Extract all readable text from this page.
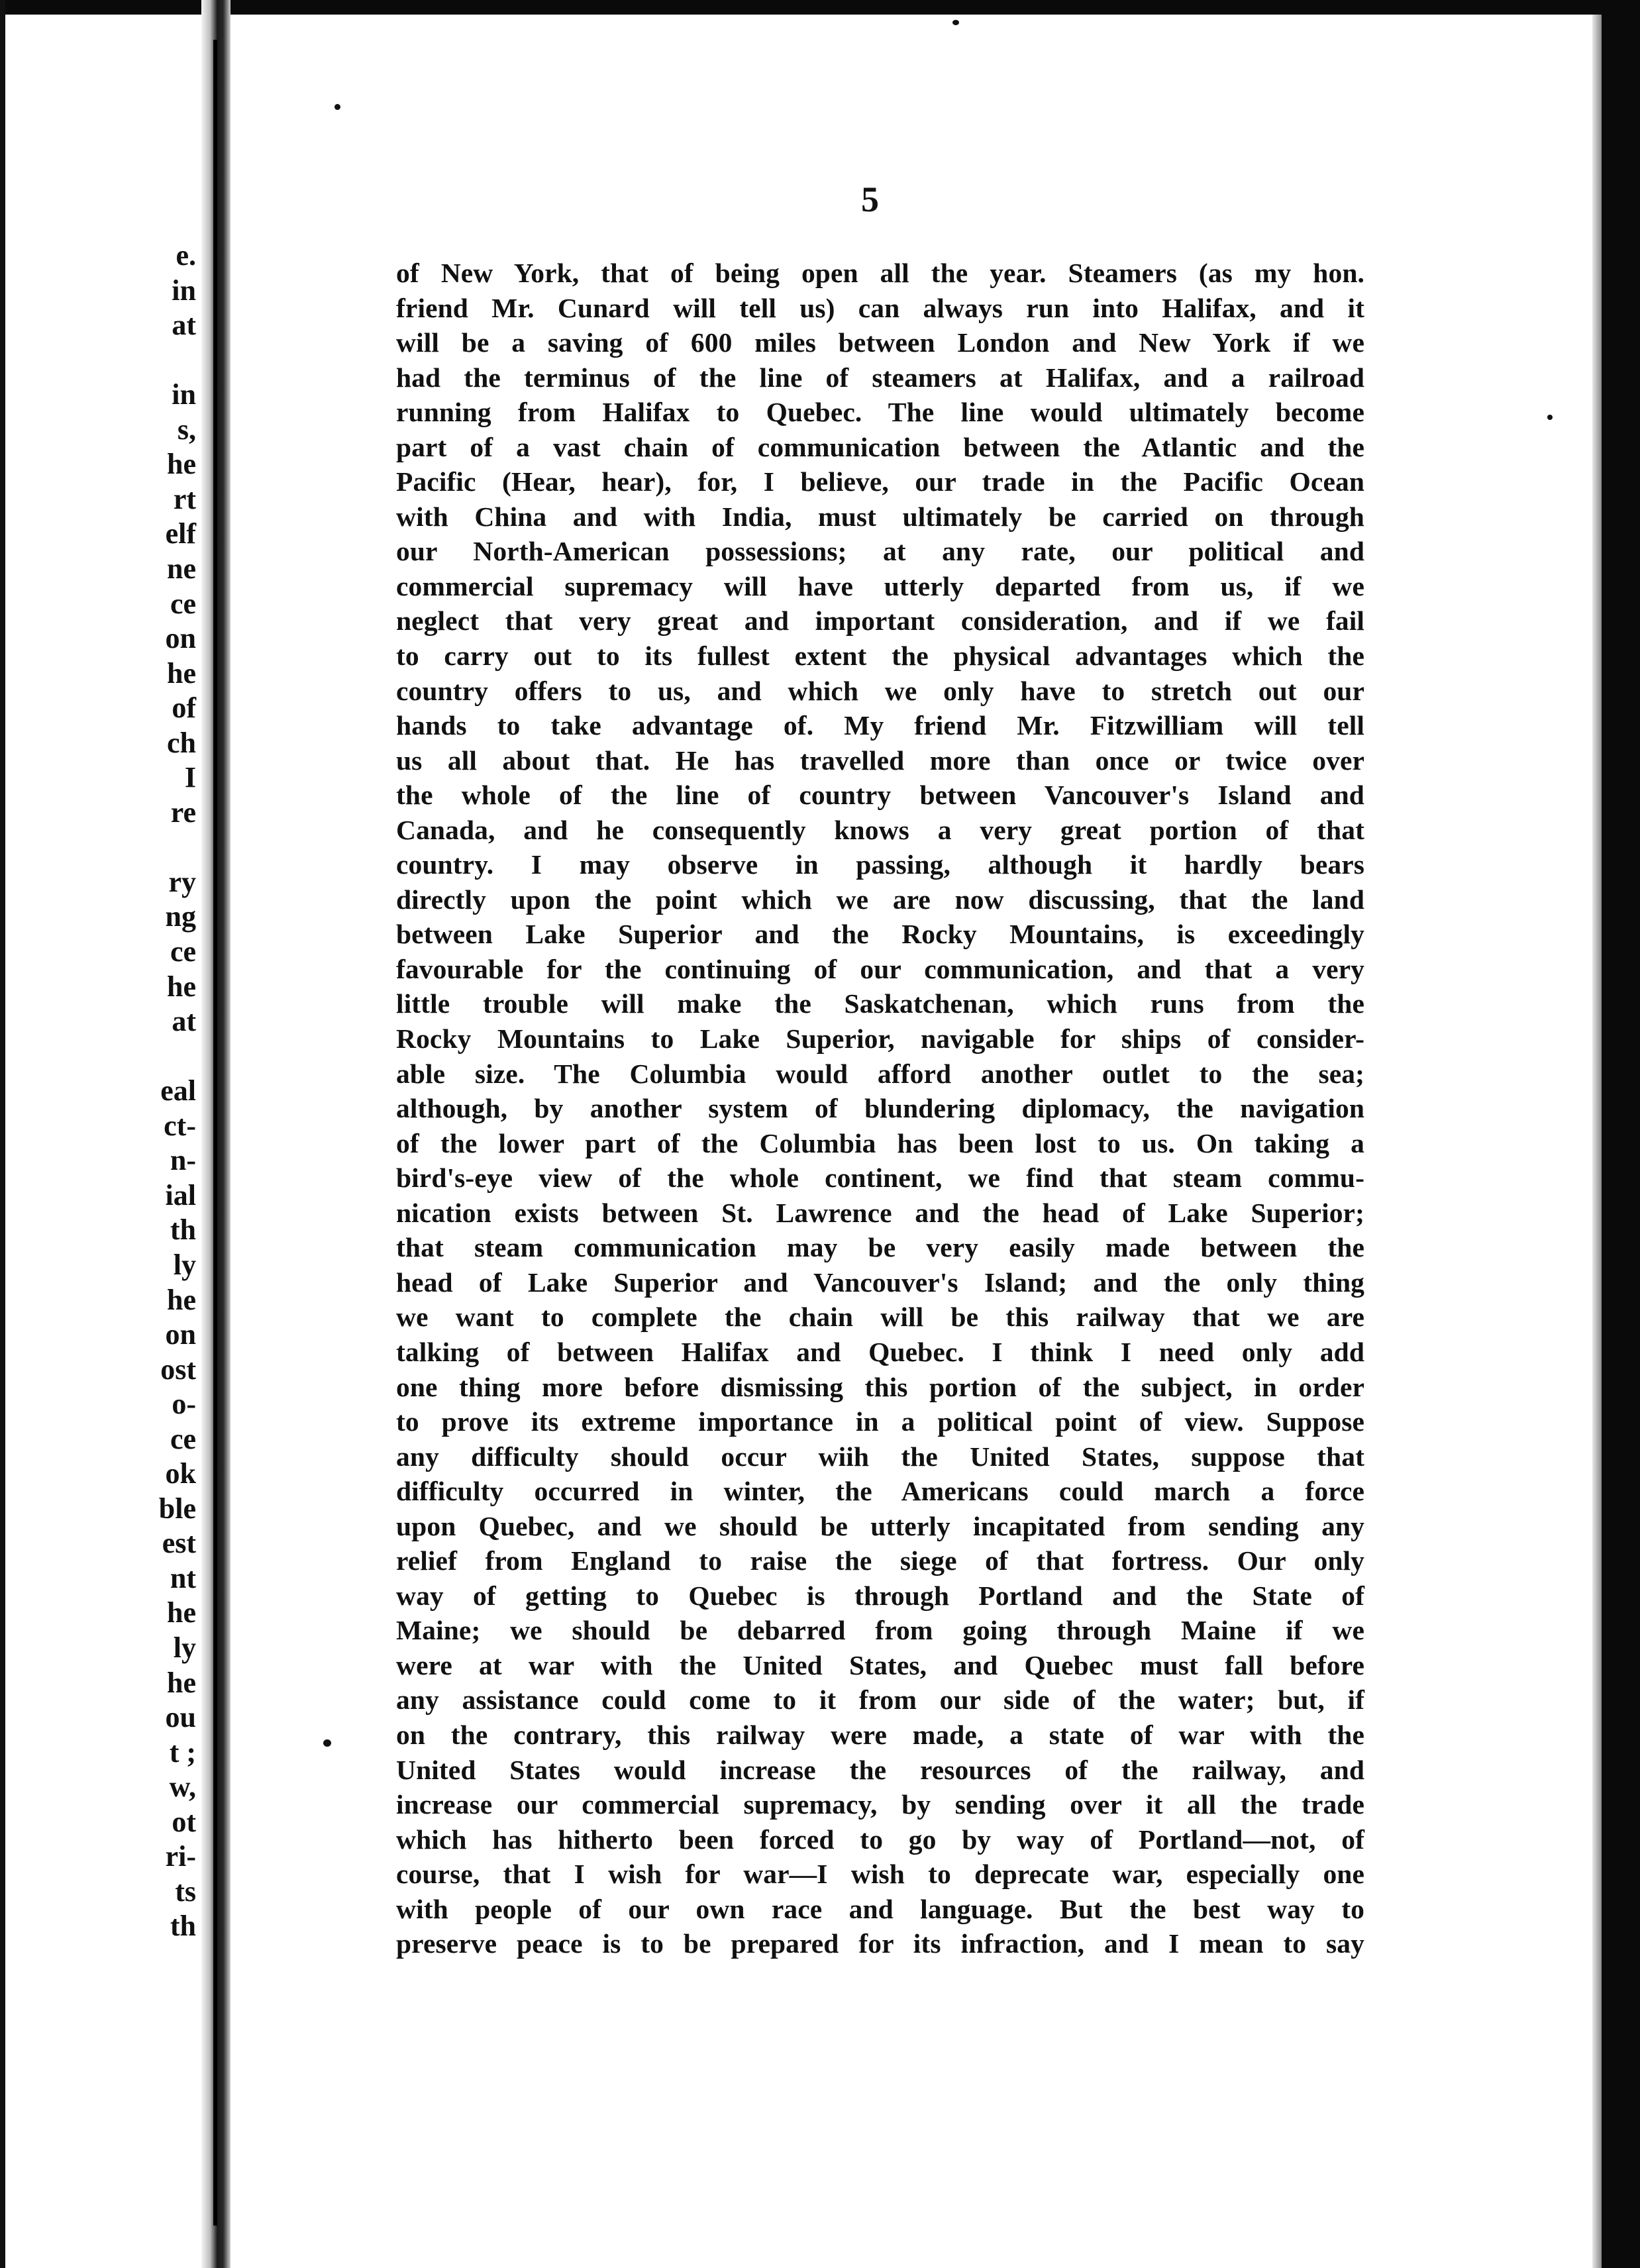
e.
in
at
in
s,
he
rt
elf
ne
ce
on
he
of
ch
I
re
ry
ng
ce
he
at
eal
ct-
n-
ial
th
ly
he
on
ost
o-
ce
ok
ble
est
nt
he
ly
he
ou
t ;
w,
ot
ri-
ts
th
5
of New York, that of being open all the year. Steamers (as my hon.
friend Mr. Cunard will tell us) can always run into Halifax, and it
will be a saving of 600 miles between London and New York if we
had the terminus of the line of steamers at Halifax, and a railroad
running from Halifax to Quebec. The line would ultimately become
part of a vast chain of communication between the Atlantic and the
Pacific (Hear, hear), for, I believe, our trade in the Pacific Ocean
with China and with India, must ultimately be carried on through
our North-American possessions; at any rate, our political and
commercial supremacy will have utterly departed from us, if we
neglect that very great and important consideration, and if we fail
to carry out to its fullest extent the physical advantages which the
country offers to us, and which we only have to stretch out our
hands to take advantage of. My friend Mr. Fitzwilliam will tell
us all about that. He has travelled more than once or twice over
the whole of the line of country between Vancouver's Island and
Canada, and he consequently knows a very great portion of that
country. I may observe in passing, although it hardly bears
directly upon the point which we are now discussing, that the land
between Lake Superior and the Rocky Mountains, is exceedingly
favourable for the continuing of our communication, and that a very
little trouble will make the Saskatchenan, which runs from the
Rocky Mountains to Lake Superior, navigable for ships of consider-
able size. The Columbia would afford another outlet to the sea;
although, by another system of blundering diplomacy, the navigation
of the lower part of the Columbia has been lost to us. On taking a
bird's-eye view of the whole continent, we find that steam commu-
nication exists between St. Lawrence and the head of Lake Superior;
that steam communication may be very easily made between the
head of Lake Superior and Vancouver's Island; and the only thing
we want to complete the chain will be this railway that we are
talking of between Halifax and Quebec. I think I need only add
one thing more before dismissing this portion of the subject, in order
to prove its extreme importance in a political point of view. Suppose
any difficulty should occur wiih the United States, suppose that
difficulty occurred in winter, the Americans could march a force
upon Quebec, and we should be utterly incapitated from sending any
relief from England to raise the siege of that fortress. Our only
way of getting to Quebec is through Portland and the State of
Maine; we should be debarred from going through Maine if we
were at war with the United States, and Quebec must fall before
any assistance could come to it from our side of the water; but, if
on the contrary, this railway were made, a state of war with the
United States would increase the resources of the railway, and
increase our commercial supremacy, by sending over it all the trade
which has hitherto been forced to go by way of Portland—not, of
course, that I wish for war—I wish to deprecate war, especially one
with people of our own race and language. But the best way to
preserve peace is to be prepared for its infraction, and I mean to say
